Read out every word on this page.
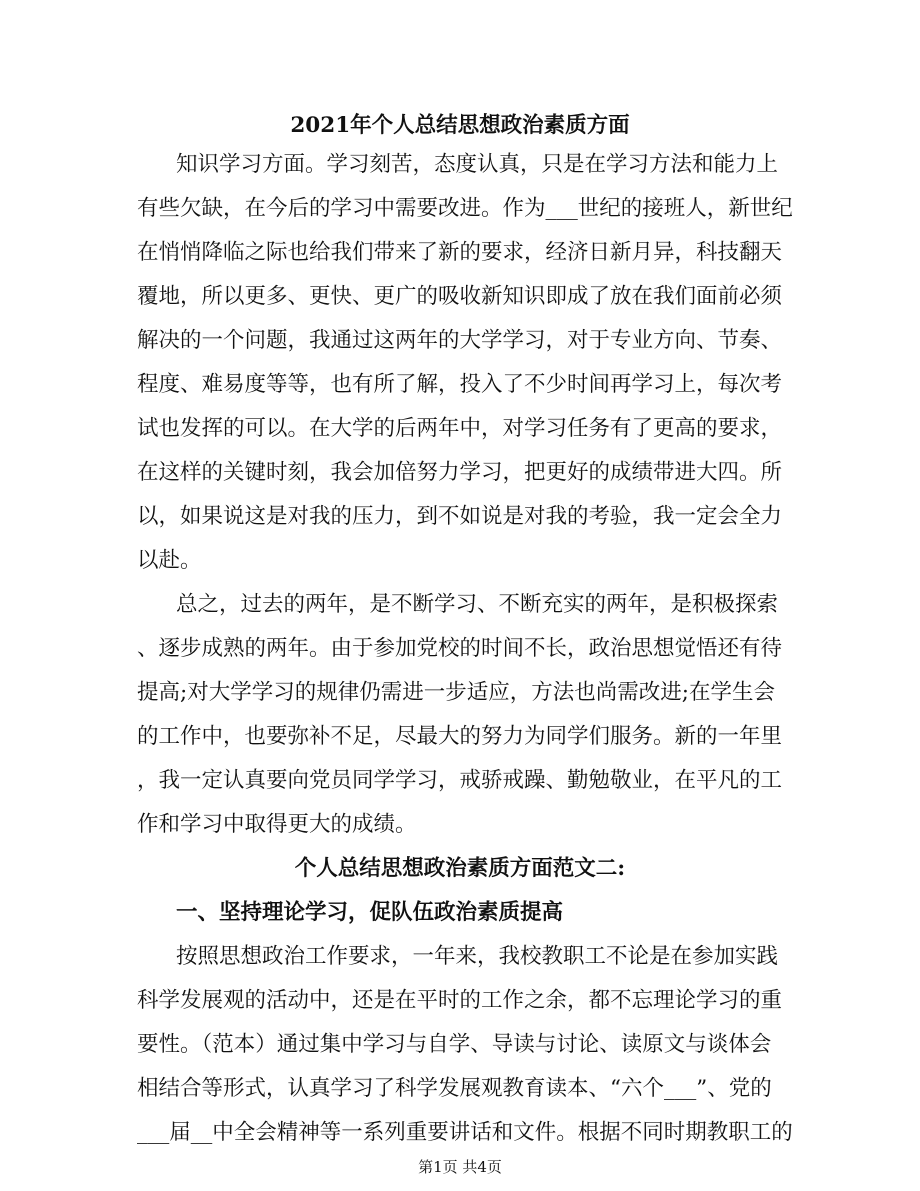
2021年个人总结思想政治素质方面
知识学习方面。学习刻苦，态度认真，只是在学习方法和能力上
有些欠缺，在今后的学习中需要改进。作为___世纪的接班人，新世纪
在悄悄降临之际也给我们带来了新的要求，经济日新月异，科技翻天
覆地，所以更多、更快、更广的吸收新知识即成了放在我们面前必须
解决的一个问题，我通过这两年的大学学习，对于专业方向、节奏、
程度、难易度等等，也有所了解，投入了不少时间再学习上，每次考
试也发挥的可以。在大学的后两年中，对学习任务有了更高的要求，
在这样的关键时刻，我会加倍努力学习，把更好的成绩带进大四。所
以，如果说这是对我的压力，到不如说是对我的考验，我一定会全力
以赴。
总之，过去的两年，是不断学习、不断充实的两年，是积极探索
、逐步成熟的两年。由于参加党校的时间不长，政治思想觉悟还有待
提高;对大学学习的规律仍需进一步适应，方法也尚需改进;在学生会
的工作中，也要弥补不足，尽最大的努力为同学们服务。新的一年里
，我一定认真要向党员同学学习，戒骄戒躁、勤勉敬业，在平凡的工
作和学习中取得更大的成绩。
个人总结思想政治素质方面范文二:
一、坚持理论学习，促队伍政治素质提高
按照思想政治工作要求，一年来，我校教职工不论是在参加实践
科学发展观的活动中，还是在平时的工作之余，都不忘理论学习的重
要性。（范本）通过集中学习与自学、导读与讨论、读原文与谈体会
相结合等形式，认真学习了科学发展观教育读本、“六个___”、党的
___届__中全会精神等一系列重要讲话和文件。根据不同时期教职工的
第1页 共4页
